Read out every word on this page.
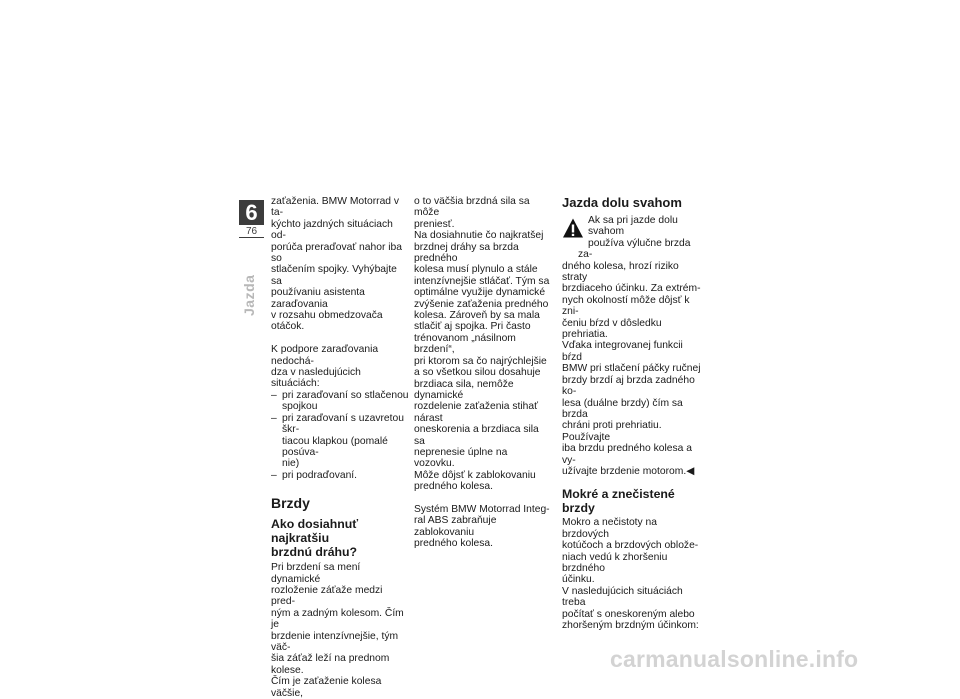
6
76
Jazda

zaťaženia. BMW Motorrad v ta-

kýchto jazdných situáciach od-

porúča preraďovať nahor iba so

stlačením spojky. Vyhýbajte sa

používaniu asistenta zaraďovania

v rozsahu obmedzovača otáčok.

K podpore zaraďovania nedochá-

dza v nasledujúcich situáciách:

– pri zaraďovaní so stlačenou

spojkou

– pri zaraďovaní s uzavretou škr-

tiacou klapkou (pomalé posúva-

nie)

– pri podraďovaní.

Brzdy

Ako dosiahnuť najkratšiu

brzdnú dráhu?

Pri brzdení sa mení dynamické

rozloženie záťaže medzi pred-

ným a zadným kolesom. Čím je

brzdenie intenzívnejšie, tým väč-

šia záťaž leží na prednom kolese.

Čím je zaťaženie kolesa väčšie,

o to väčšia brzdná sila sa môže

preniesť.

Na dosiahnutie čo najkratšej

brzdnej dráhy sa brzda predného

kolesa musí plynulo a stále

intenzívnejšie stláčať. Tým sa

optimálne využije dynamické

zvýšenie zaťaženia predného

kolesa. Zároveň by sa mala

stlačiť aj spojka. Pri často

trénovanom „násilnom brzdení“,

pri ktorom sa čo najrýchlejšie

a so všetkou silou dosahuje

brzdiaca sila, nemôže dynamické

rozdelenie zaťaženia stihať nárast

oneskorenia a brzdiaca sila sa

neprenesie úplne na vozovku.

Môže dôjsť k zablokovaniu

predného kolesa.

Systém BMW Motorrad Integ-

ral ABS zabraňuje zablokovaniu

predného kolesa.

Jazda dolu svahom

Ak sa pri jazde dolu svahom

používa výlučne brzda za-

dného kolesa, hrozí riziko straty

brzdiaceho účinku. Za extrém-

nych okolností môže dôjsť k zni-

čeniu bŕzd v dôsledku prehriatia.

Vďaka integrovanej funkcii bŕzd

BMW pri stlačení páčky ručnej

brzdy brzdí aj brzda zadného ko-

lesa (duálne brzdy) čím sa brzda

chráni proti prehriatiu. Používajte

iba brzdu predného kolesa a vy-

užívajte brzdenie motorom.◀

Mokré a znečistené brzdy

Mokro a nečistoty na brzdových

kotúčoch a brzdových oblože-

niach vedú k zhoršeniu brzdného

účinku.

V nasledujúcich situáciách treba

počítať s oneskoreným alebo

zhoršeným brzdným účinkom:

carmanualsonline.info
